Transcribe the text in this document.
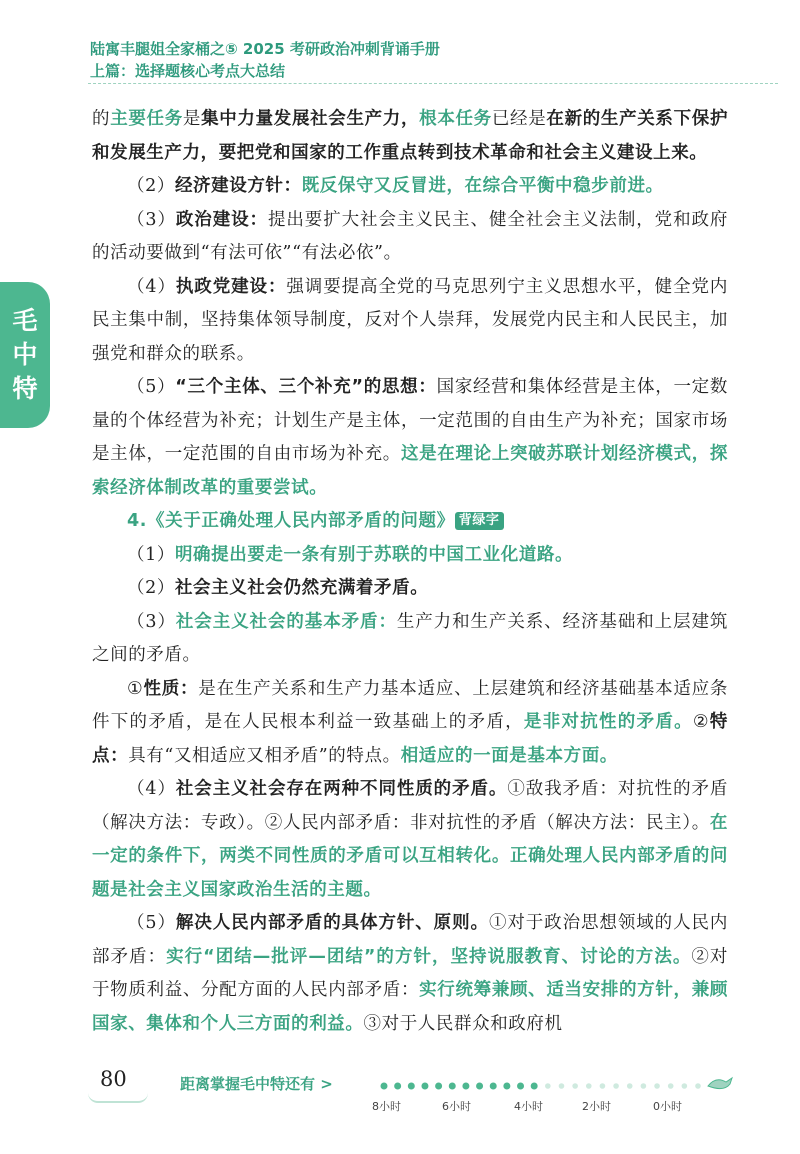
陆寓丰腿姐全家桶之⑤ 2025 考研政治冲刺背诵手册
上篇：选择题核心考点大总结
毛
中
特

的主要任务是集中力量发展社会生产力，根本任务已经是在新的生产关系下保护和发展生产力，要把党和国家的工作重点转到技术革命和社会主义建设上来。

（2）经济建设方针：既反保守又反冒进，在综合平衡中稳步前进。

（3）政治建设：提出要扩大社会主义民主、健全社会主义法制，党和政府的活动要做到“有法可依”“有法必依”。

（4）执政党建设：强调要提高全党的马克思列宁主义思想水平，健全党内民主集中制，坚持集体领导制度，反对个人崇拜，发展党内民主和人民民主，加强党和群众的联系。

（5）“三个主体、三个补充”的思想：国家经营和集体经营是主体，一定数量的个体经营为补充；计划生产是主体，一定范围的自由生产为补充；国家市场是主体，一定范围的自由市场为补充。这是在理论上突破苏联计划经济模式，探索经济体制改革的重要尝试。

4.《关于正确处理人民内部矛盾的问题》 背绿字

（1）明确提出要走一条有别于苏联的中国工业化道路。

（2）社会主义社会仍然充满着矛盾。

（3）社会主义社会的基本矛盾：生产力和生产关系、经济基础和上层建筑之间的矛盾。

①性质：是在生产关系和生产力基本适应、上层建筑和经济基础基本适应条件下的矛盾，是在人民根本利益一致基础上的矛盾，是非对抗性的矛盾。②特点：具有“又相适应又相矛盾”的特点。相适应的一面是基本方面。

（4）社会主义社会存在两种不同性质的矛盾。①敌我矛盾：对抗性的矛盾（解决方法：专政）。②人民内部矛盾：非对抗性的矛盾（解决方法：民主）。在一定的条件下，两类不同性质的矛盾可以互相转化。正确处理人民内部矛盾的问题是社会主义国家政治生活的主题。

（5）解决人民内部矛盾的具体方针、原则。①对于政治思想领域的人民内部矛盾：实行“团结—批评—团结”的方针，坚持说服教育、讨论的方法。②对于物质利益、分配方面的人民内部矛盾：实行统筹兼顾、适当安排的方针，兼顾国家、集体和个人三方面的利益。③对于人民群众和政府机

80	距离掌握毛中特还有 >
8小时	6小时	4小时	2小时	0小时
